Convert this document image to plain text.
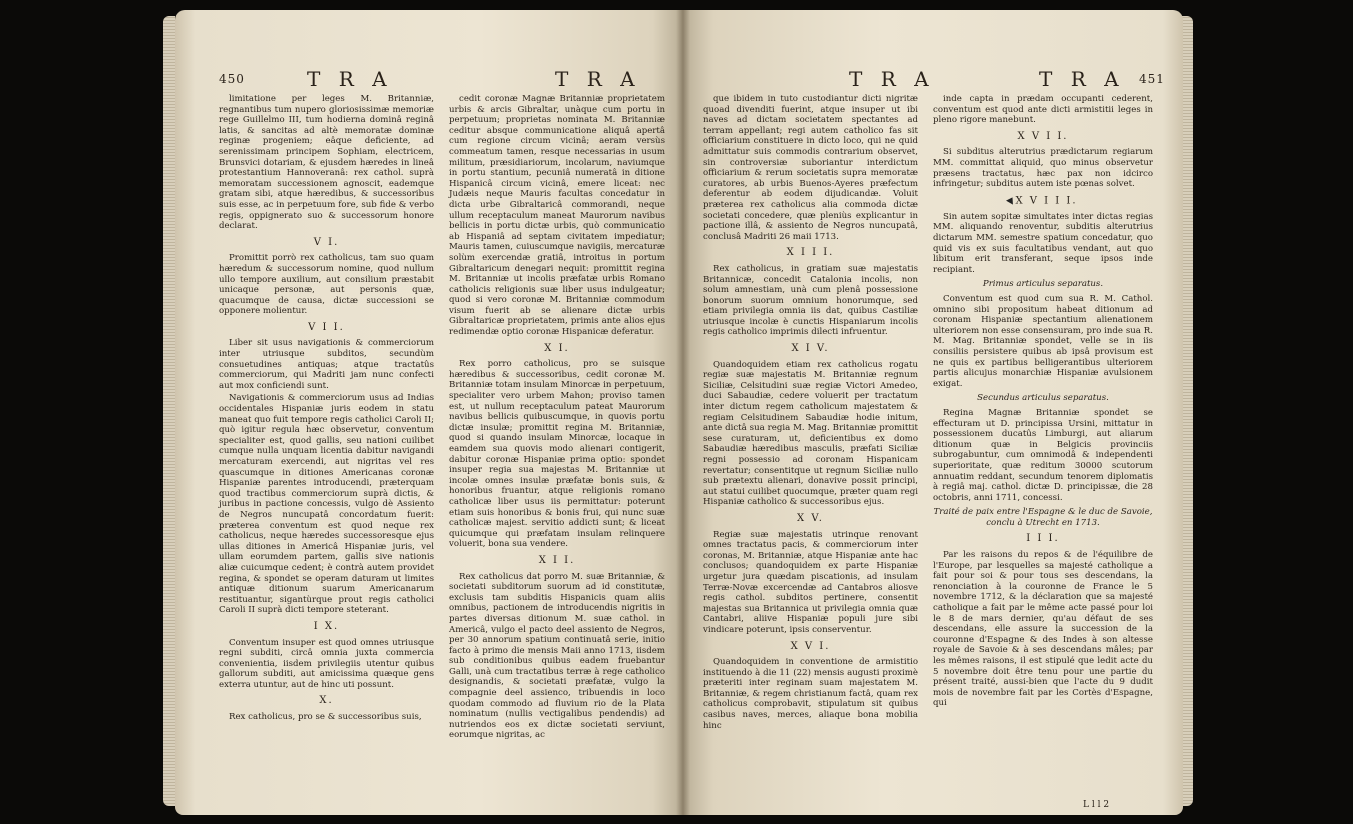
450	T R A	T R A

limitatione per leges M. Britanniæ, regnantibus tum nupero gloriosissimæ memoriæ rege Guillelmo III, tum hodierna dominâ reginâ latis, & sancitas ad altè memoratæ dominæ reginæ progeniem; eâque deficiente, ad serenissimam principem Sophiam, electricem, Brunsvici dotariam, & ejusdem hæredes in lineâ protestantium Hannoveranâ: rex cathol. suprà memoratam successionem agnoscit, eademque gratam sibi, atque hæredibus, & successoribus suis esse, ac in perpetuum fore, sub fide & verbo regis, oppignerato suo & successorum honore declarat.

V I.

Promittit porrò rex catholicus, tam suo quam hæredum & successorum nomine, quod nullum ullo tempore auxilium, aut consilium præstabit unicaque personæ, aut personis quæ, quacumque de causa, dictæ successioni se opponere molientur.

V I I.

Liber sit usus navigationis & commerciorum inter utriusque subditos, secundùm consuetudines antiquas; atque tractatûs commerciorum, qui Madriti jam nunc confecti aut mox conficiendi sunt.

Navigationis & commerciorum usus ad Indias occidentales Hispaniæ juris eodem in statu maneat quo fuit tempore regis catholici Caroli II; quò igitur regula hæc observetur, conventum specialiter est, quod gallis, seu nationi cuilibet cumque nulla unquam licentia dabitur navigandi mercaturam exercendi, aut nigritas vel res quascumque in ditiones Americanas coronæ Hispaniæ parentes introducendi, præterquam quod tractibus commerciorum suprà dictis, & juribus in pactione concessis, vulgo dè Assiento de Negros nuncupatâ concordatum fuerit: præterea conventum est quod neque rex catholicus, neque hæredes successoresque ejus ullas ditiones in Americâ Hispaniæ juris, vel ullam eorumdem partem, gallis sive nationis aliæ cuicumque cedent; è contrà autem providet regina, & spondet se operam daturam ut limites antiquæ ditionum suarum Americanarum restituantur, sigantùrque prout regis catholici Caroli II suprà dicti tempore steterant.

I X.

Conventum insuper est quod omnes utriusque regni subditi, circâ omnia juxta commercia convenientia, iisdem privilegiis utentur quibus gallorum subditi, aut amicissima quæque gens exterra utuntur, aut de hinc uti possunt.

X.

Rex catholicus, pro se & successoribus suis,

cedit coronæ Magnæ Britanniæ proprietatem urbis & arcis Gibraltar, unàque cum portu in perpetuum; proprietas nominata M. Britanniæ ceditur absque communicatione aliquâ apertâ cum regione circum vicinâ; aeram versùs commeatum tamen, resque necessarias in usum militum, præsidiariorum, incolarum, naviumque in portu stantium, pecuniâ numeratâ in ditione Hispanicâ circum vicinâ, emere liceat: nec Judæis neque Mauris facultas concedatur in dicta urbe Gibraltaricâ commorandi, neque ullum receptaculum maneat Maurorum navibus bellicis in portu dictæ urbis, quò communicatio ab Hispaniâ ad septam civitatem impediatur; Mauris tamen, cuiuscumque navigiis, mercaturæ solùm exercendæ gratiâ, introitus in portum Gibraltaricum denegari nequit: promittit regina M. Britanniæ ut incolis præfatæ urbis Romano catholicis religionis suæ liber usus indulgeatur; quod si vero coronæ M. Britanniæ commodum visum fuerit ab se alienare dictæ urbis Gibraltaricæ proprietatem, primis ante alios ejus redimendæ optio coronæ Hispanicæ deferatur.

X I.

Rex porro catholicus, pro se suisque hæredibus & successoribus, cedit coronæ M. Britanniæ totam insulam Minorcæ in perpetuum, specialiter vero urbem Mahon; proviso tamen est, ut nullum receptaculum pateat Maurorum navibus bellicis quibuscumque, in quovis portu dictæ insulæ; promittit regina M. Britanniæ, quod si quando insulam Minorcæ, locaque in eamdem sua quovis modo alienari contigerit, dabitur coronæ Hispaniæ prima optio: spondet insuper regia sua majestas M. Britanniæ ut incolæ omnes insulæ præfatæ bonis suis, & honoribus fruantur, atque religionis romano catholicæ liber usus iis permittatur: poterunt etiam suis honoribus & bonis frui, qui nunc suæ catholicæ majest. servitio addicti sunt; & liceat quicumque qui præfatam insulam relinquere voluerit, bona sua vendere.

X I I.

Rex catholicus dat porro M. suæ Britanniæ, & societati subditorum suorum ad id constitutæ, exclusis tam subditis Hispanicis quam aliis omnibus, pactionem de introducendis nigritis in partes diversas ditionum M. suæ cathol. in Americâ, vulgo el pacto deel assiento de Negros, per 30 annorum spatium continuatâ serie, initio facto à primo die mensis Maii anno 1713, iisdem sub conditionibus quibus eadem fruebantur Galli, unà cum tractatibus terræ à rege catholico designandis, & societati præfatæ, vulgo la compagnie deel assienco, tribuendis in loco quodam commodo ad fluvium rio de la Plata nominatum (nullis vectigalibus pendendis) ad nutriendos eos ex dictæ societati serviunt, eorumque nigritas, ac

T R A	T R A 451

que ibidem in tuto custodiantur dicti nigritæ quoad divenditi fuerint, atque insuper ut ibi naves ad dictam societatem spectantes ad terram appellant; regi autem catholico fas sit officiarium constituere in dicto loco, qui ne quid admittatur suis commodis contrarium observet, sin controversiæ suboriantur interdictum officiarium & rerum societatis supra memoratæ curatores, ab urbis Buenos-Ayeres præfectum deferentur ab eodem dijudicandæ. Voluit præterea rex catholicus alia commoda dictæ societati concedere, quæ pleniùs explicantur in pactione illâ, & assiento de Negros nuncupatâ, conclusâ Madriti 26 maii 1713.

X I I I.

Rex catholicus, in gratiam suæ majestatis Britannicæ, concedit Catalonia incolis, non solum amnestiam, unà cum plenâ possessione bonorum suorum omnium honorumque, sed etiam privilegia omnia iis dat, quibus Castiliæ utriusque incolæ è cunctis Hispaniarum incolis regis catholico imprimis dilecti infruentur.

X I V.

Quandoquidem etiam rex catholicus rogatu regiæ suæ majestatis M. Britanniæ regnum Siciliæ, Celsitudini suæ regiæ Victori Amedeo, duci Sabaudiæ, cedere voluerit per tractatum inter dictum regem catholicum majestatem & regiam Celsitudinem Sabaudiæ hodie initum, ante dictâ sua regia M. Mag. Britanniæ promittit sese curaturam, ut, deficientibus ex domo Sabaudiæ hæredibus masculis, præfati Siciliæ regni possessio ad coronam Hispanicam revertatur; consentitque ut regnum Siciliæ nullo sub prætextu alienari, donavive possit principi, aut statui cuilibet quocumque, præter quam regi Hispaniæ catholico & successoribus ejus.

X V.

Regiæ suæ majestatis utrinque renovant omnes tractatus pacis, & commerciorum inter coronas, M. Britanniæ, atque Hispaniæ ante hac conclusos; quandoquidem ex parte Hispaniæ urgetur jura quædam piscationis, ad insulam Terræ-Novæ excercendæ ad Cantabros aliosve regis cathol. subditos pertinere, consentit majestas sua Britannica ut privilegia omnia quæ Cantabri, aliive Hispaniæ populi jure sibi vindicare poterunt, ipsis conserventur.

X V I.

Quandoquidem in conventione de armistitio instituendo à die 11 (22) mensis augusti proximè præteriti inter reginam suam majestatem M. Britanniæ, & regem christianum factâ, quam rex catholicus comprobavit, stipulatum sit quibus casibus naves, merces, aliaque bona mobilia hinc

inde capta in prædam occupanti cederent, conventum est quod ante dicti armistitii leges in pleno rigore manebunt.

X V I I.

Si subditus alterutrius prædictarum regiarum MM. committat aliquid, quo minus observetur præsens tractatus, hæc pax non idcirco infringetur; subditus autem iste pœnas solvet.

X V I I I.

Sin autem sopitæ simultates inter dictas regias MM. aliquando renoventur, subditis alterutrius dictarum MM. semestre spatium concedatur, quo quid vis ex suis facultatibus vendant, aut quo libitum erit transferant, seque ipsos inde recipiant.

Primus articulus separatus.

Conventum est quod cum sua R. M. Cathol. omnino sibi propositum habeat ditionum ad coronam Hispaniæ spectantium alienationem ulteriorem non esse consensuram, pro inde sua R. M. Mag. Britanniæ spondet, velle se in iis consiliis persistere quibus ab ipsâ provisum est ne quis ex partibus belligerantibus ulteriorem partis alicujus monarchiæ Hispaniæ avulsionem exigat.

Secundus articulus separatus.

Regina Magnæ Britanniæ spondet se effecturam ut D. principissa Ursini, mittatur in possessionem ducatûs Limburgi, aut aliarum ditionum quæ in Belgicis provinciis subrogabuntur, cum omnimodâ & independenti superioritate, quæ reditum 30000 scutorum annuatim reddant, secundum tenorem diplomatis à regiâ maj. cathol. dictæ D. principissæ, die 28 octobris, anni 1711, concessi.

Traité de paix entre l'Espagne & le duc de Savoie, conclu à Utrecht en 1713.
I I I.

Par les raisons du repos & de l'équilibre de l'Europe, par lesquelles sa majesté catholique a fait pour soi & pour tous ses descendans, la renonciation à la couronne de France le 5 novembre 1712, & la déclaration que sa majesté catholique a fait par le même acte passé pour loi le 8 de mars dernier, qu'au défaut de ses descendans, elle assure la succession de la couronne d'Espagne & des Indes à son altesse royale de Savoie & à ses descendans mâles; par les mêmes raisons, il est stipulé que ledit acte du 5 novembre doit être tenu pour une partie du présent traité, aussi-bien que l'acte du 9 dudit mois de novembre fait par les Cortès d'Espagne, qui

L l l 2
